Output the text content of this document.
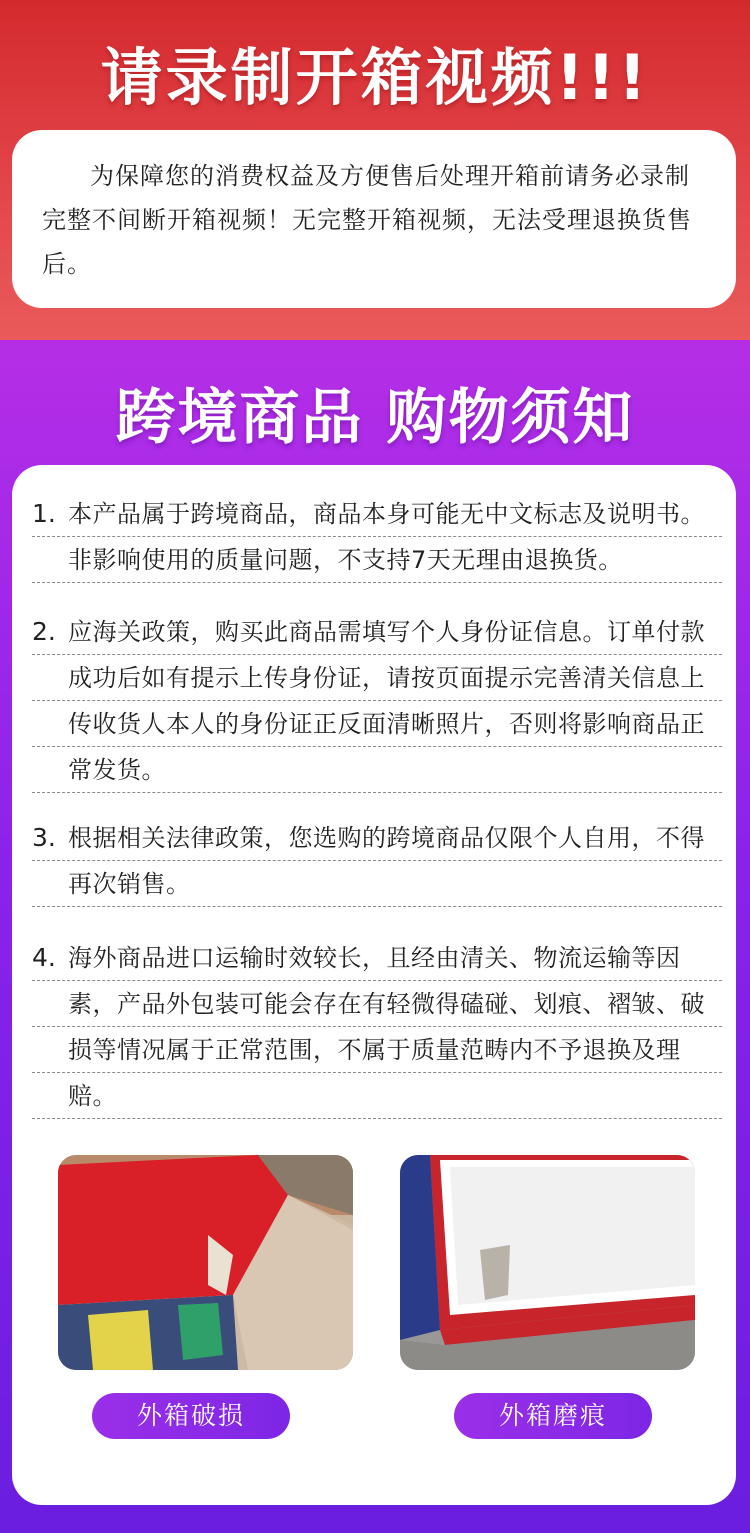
请录制开箱视频!!!

为保障您的消费权益及方便售后处理开箱前请务必录制完整不间断开箱视频！无完整开箱视频，无法受理退换货售后。

跨境商品 购物须知
1. 本产品属于跨境商品，商品本身可能无中文标志及说明书。非影响使用的质量问题，不支持7天无理由退换货。

2. 应海关政策，购买此商品需填写个人身份证信息。订单付款成功后如有提示上传身份证，请按页面提示完善清关信息上传收货人本人的身份证正反面清晰照片，否则将影响商品正常发货。

3. 根据相关法律政策，您选购的跨境商品仅限个人自用，不得再次销售。

4. 海外商品进口运输时效较长，且经由清关、物流运输等因素，产品外包装可能会存在有轻微得磕碰、划痕、褶皱、破损等情况属于正常范围，不属于质量范畴内不予退换及理赔。

外箱破损	外箱磨痕
